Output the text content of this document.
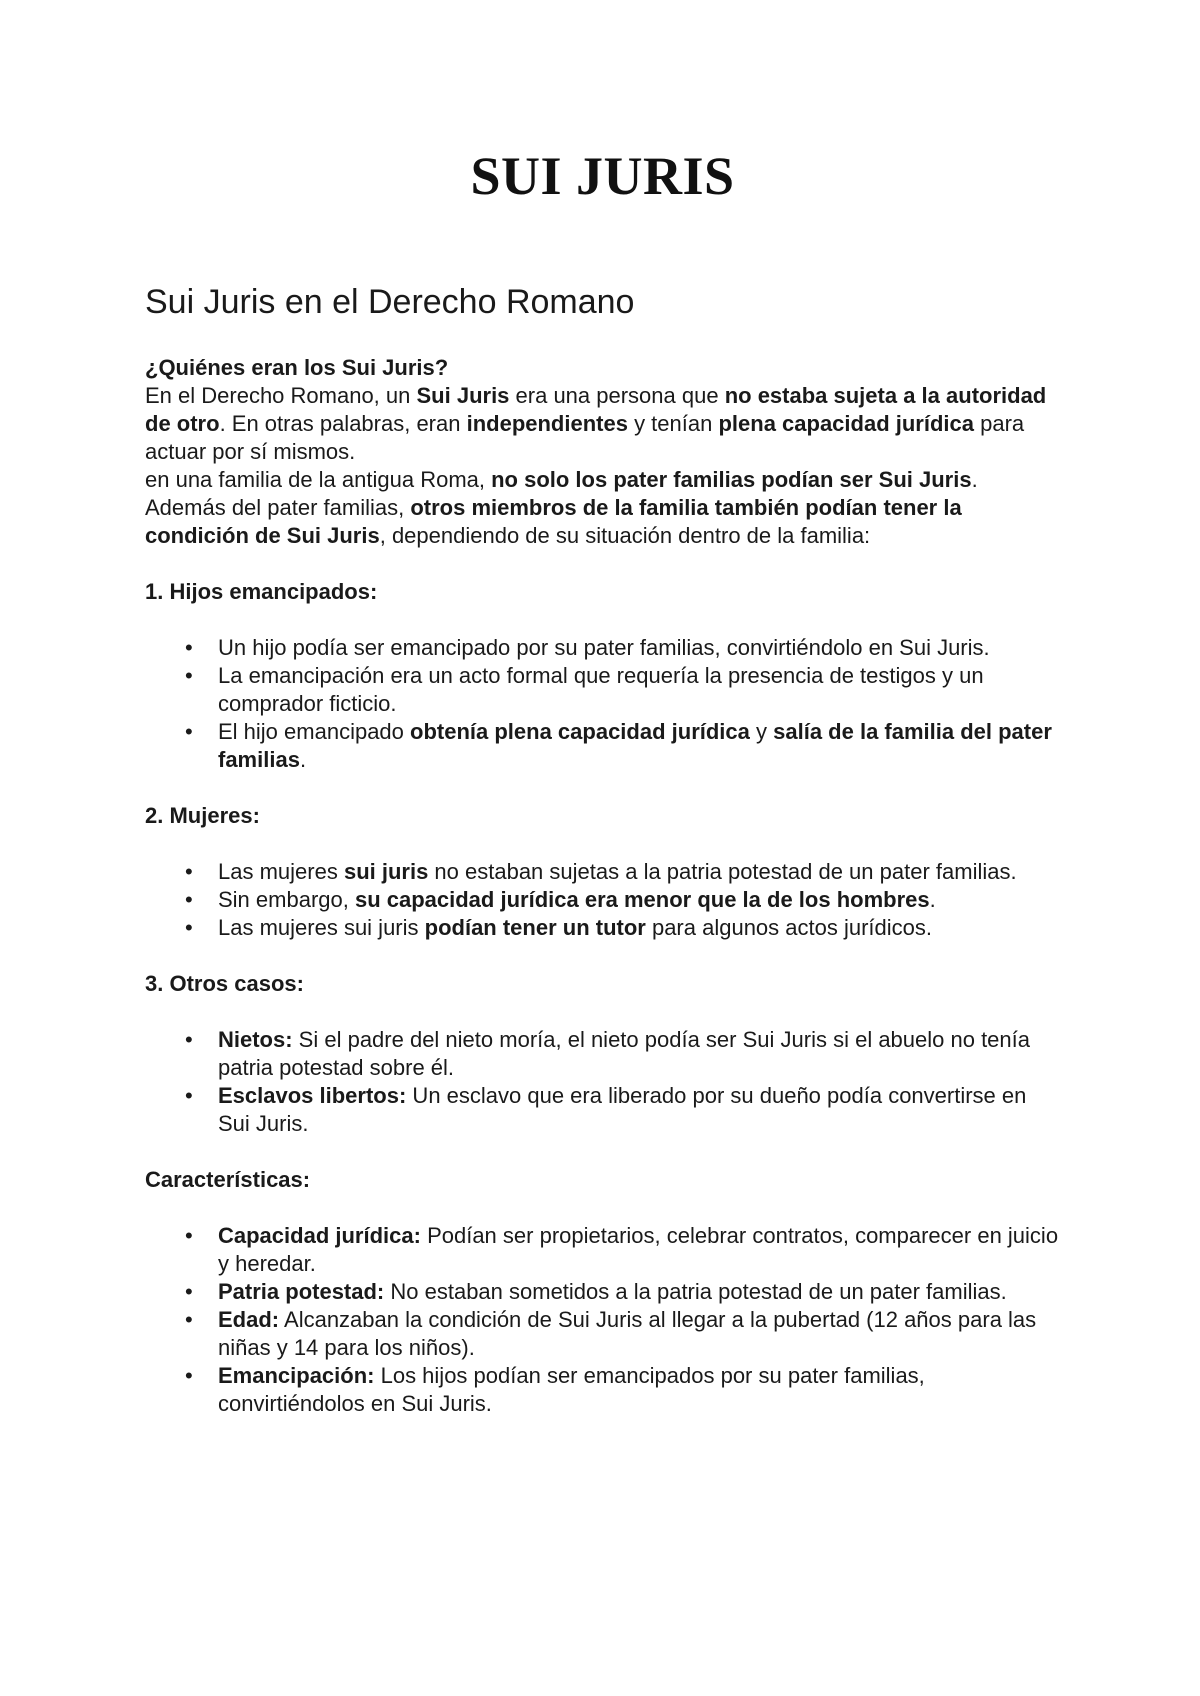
SUI JURIS
Sui Juris en el Derecho Romano
¿Quiénes eran los Sui Juris?

En el Derecho Romano, un Sui Juris era una persona que no estaba sujeta a la autoridad de otro. En otras palabras, eran independientes y tenían plena capacidad jurídica para actuar por sí mismos.

en una familia de la antigua Roma, no solo los pater familias podían ser Sui Juris. Además del pater familias, otros miembros de la familia también podían tener la condición de Sui Juris, dependiendo de su situación dentro de la familia:

1. Hijos emancipados:
• Un hijo podía ser emancipado por su pater familias, convirtiéndolo en Sui Juris.
• La emancipación era un acto formal que requería la presencia de testigos y un comprador ficticio.
• El hijo emancipado obtenía plena capacidad jurídica y salía de la familia del pater familias.
2. Mujeres:
• Las mujeres sui juris no estaban sujetas a la patria potestad de un pater familias.
• Sin embargo, su capacidad jurídica era menor que la de los hombres.
• Las mujeres sui juris podían tener un tutor para algunos actos jurídicos.
3. Otros casos:
• Nietos: Si el padre del nieto moría, el nieto podía ser Sui Juris si el abuelo no tenía patria potestad sobre él.
• Esclavos libertos: Un esclavo que era liberado por su dueño podía convertirse en Sui Juris.
Características:
• Capacidad jurídica: Podían ser propietarios, celebrar contratos, comparecer en juicio y heredar.
• Patria potestad: No estaban sometidos a la patria potestad de un pater familias.
• Edad: Alcanzaban la condición de Sui Juris al llegar a la pubertad (12 años para las niñas y 14 para los niños).
• Emancipación: Los hijos podían ser emancipados por su pater familias, convirtiéndolos en Sui Juris.
